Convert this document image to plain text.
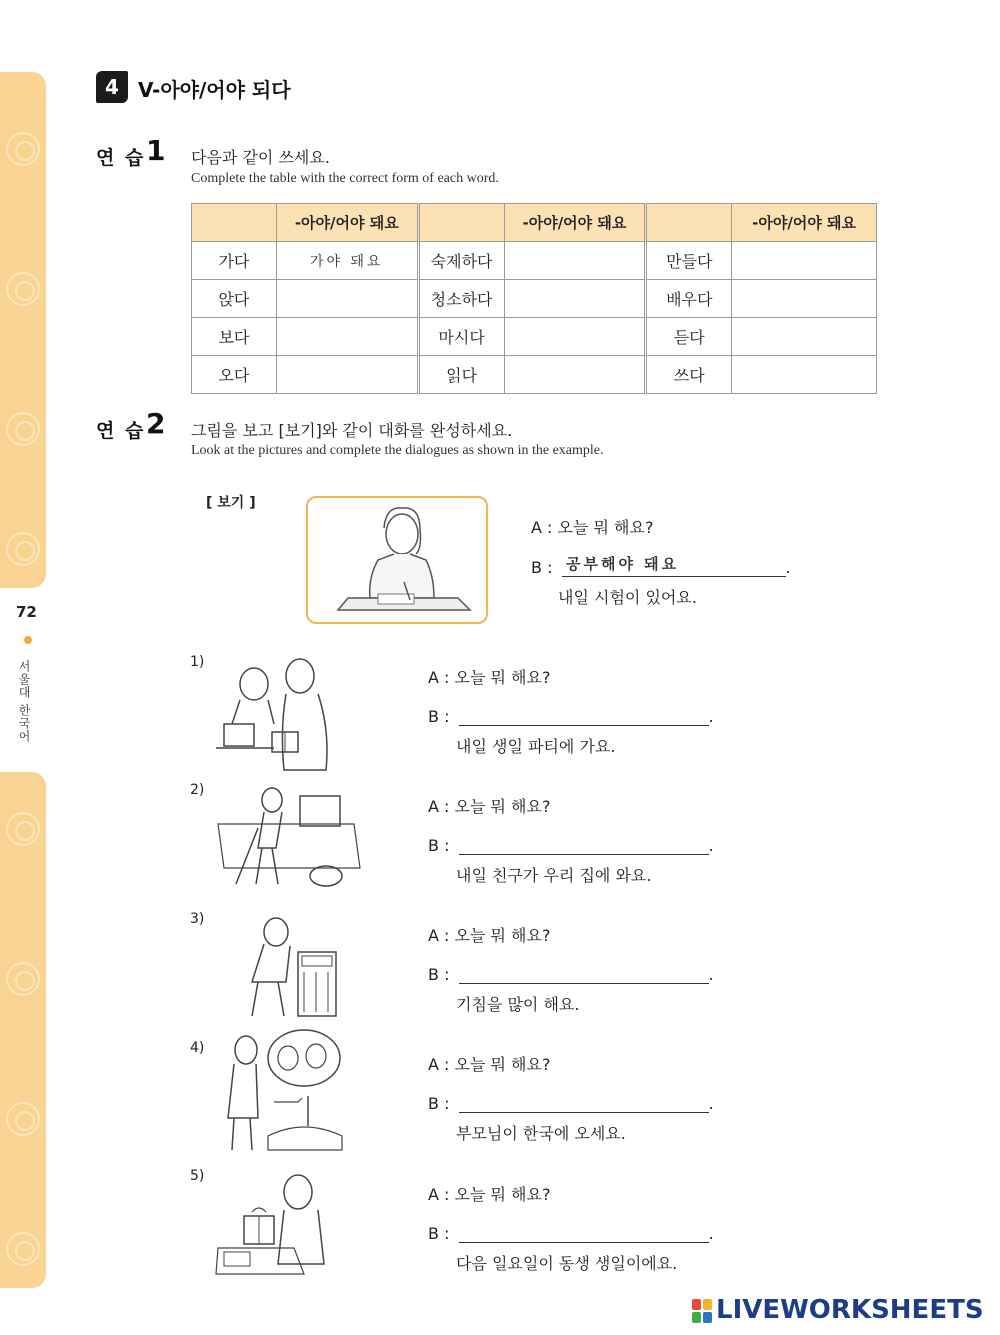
72
서울대 한국어
4 V-아야/어야 되다
연 습 1 다음과 같이 쓰세요.
Complete the table with the correct form of each word.
	-아야/어야 돼요		-아야/어야 돼요		-아야/어야 돼요
가다	가야 돼요	숙제하다		만들다	
앉다		청소하다		배우다	
보다		마시다		듣다	
오다		읽다		쓰다	
연 습 2 그림을 보고 [보기]와 같이 대화를 완성하세요.
Look at the pictures and complete the dialogues as shown in the example.
[ 보기 ]
A : 오늘 뭐 해요?
B :	.
공부해야 돼요
내일 시험이 있어요.
1)
A : 오늘 뭐 해요?
B :	.
내일 생일 파티에 가요.
2)
A : 오늘 뭐 해요?
B :	.
내일 친구가 우리 집에 와요.
3)
A : 오늘 뭐 해요?
B :	.
기침을 많이 해요.
4)
A : 오늘 뭐 해요?
B :	.
부모님이 한국에 오세요.
5)
A : 오늘 뭐 해요?
B :	.
다음 일요일이 동생 생일이에요.
LIVEWORKSHEETS
